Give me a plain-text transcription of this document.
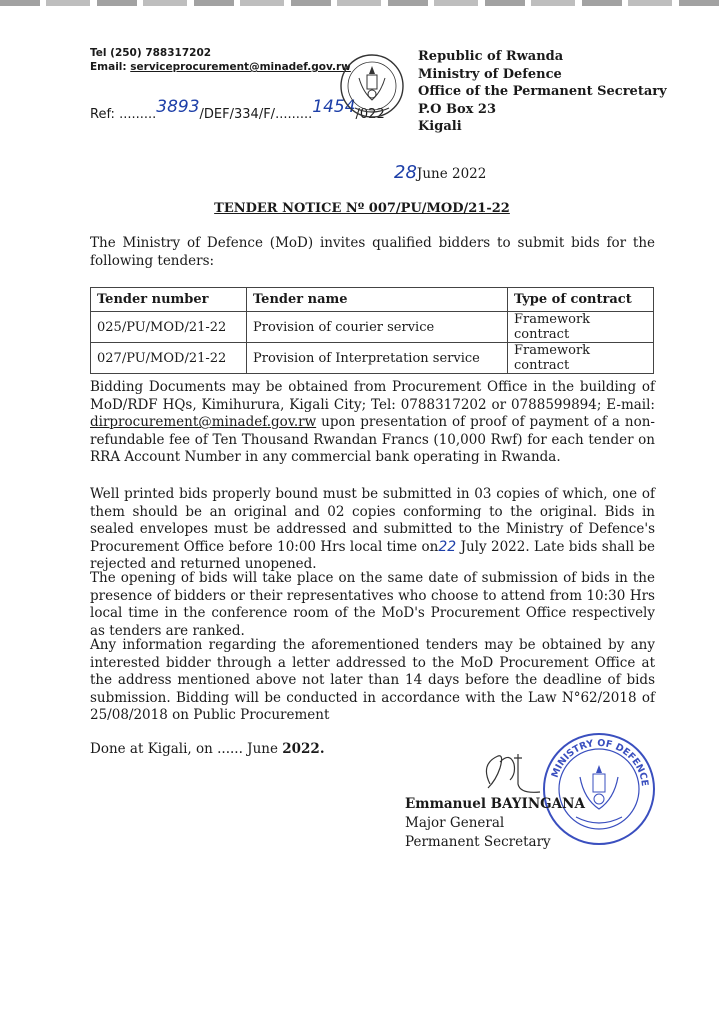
Tel (250) 788317202
Email: serviceprocurement@minadef.gov.rw
Ref: .........3893/DEF/334/F/.........1454/022
Republic of Rwanda
Ministry of Defence
Office of the Permanent Secretary
P.O Box 23
Kigali
28June 2022
TENDER NOTICE Nº 007/PU/MOD/21-22
The Ministry of Defence (MoD) invites qualified bidders to submit bids for the following tenders:
Tender number	Tender name	Type of contract
025/PU/MOD/21-22	Provision of courier service	Framework contract
027/PU/MOD/21-22	Provision of Interpretation service	Framework contract
Bidding Documents may be obtained from Procurement Office in the building of MoD/RDF HQs, Kimihurura, Kigali City; Tel: 0788317202 or 0788599894; E-mail: dirprocurement@minadef.gov.rw upon presentation of proof of payment of a non-refundable fee of Ten Thousand Rwandan Francs (10,000 Rwf) for each tender on RRA Account Number in any commercial bank operating in Rwanda.
Well printed bids properly bound must be submitted in 03 copies of which, one of them should be an original and 02 copies conforming to the original. Bids in sealed envelopes must be addressed and submitted to the Ministry of Defence's Procurement Office before 10:00 Hrs local time on22 July 2022. Late bids shall be rejected and returned unopened.
The opening of bids will take place on the same date of submission of bids in the presence of bidders or their representatives who choose to attend from 10:30 Hrs local time in the conference room of the MoD's Procurement Office respectively as tenders are ranked.
Any information regarding the aforementioned tenders may be obtained by any interested bidder through a letter addressed to the MoD Procurement Office at the address mentioned above not later than 14 days before the deadline of bids submission. Bidding will be conducted in accordance with the Law N°62/2018 of 25/08/2018 on Public Procurement
Done at Kigali, on ...... June 2022.
MINISTRY OF DEFENCE
Emmanuel BAYINGANA
Major General
Permanent Secretary
